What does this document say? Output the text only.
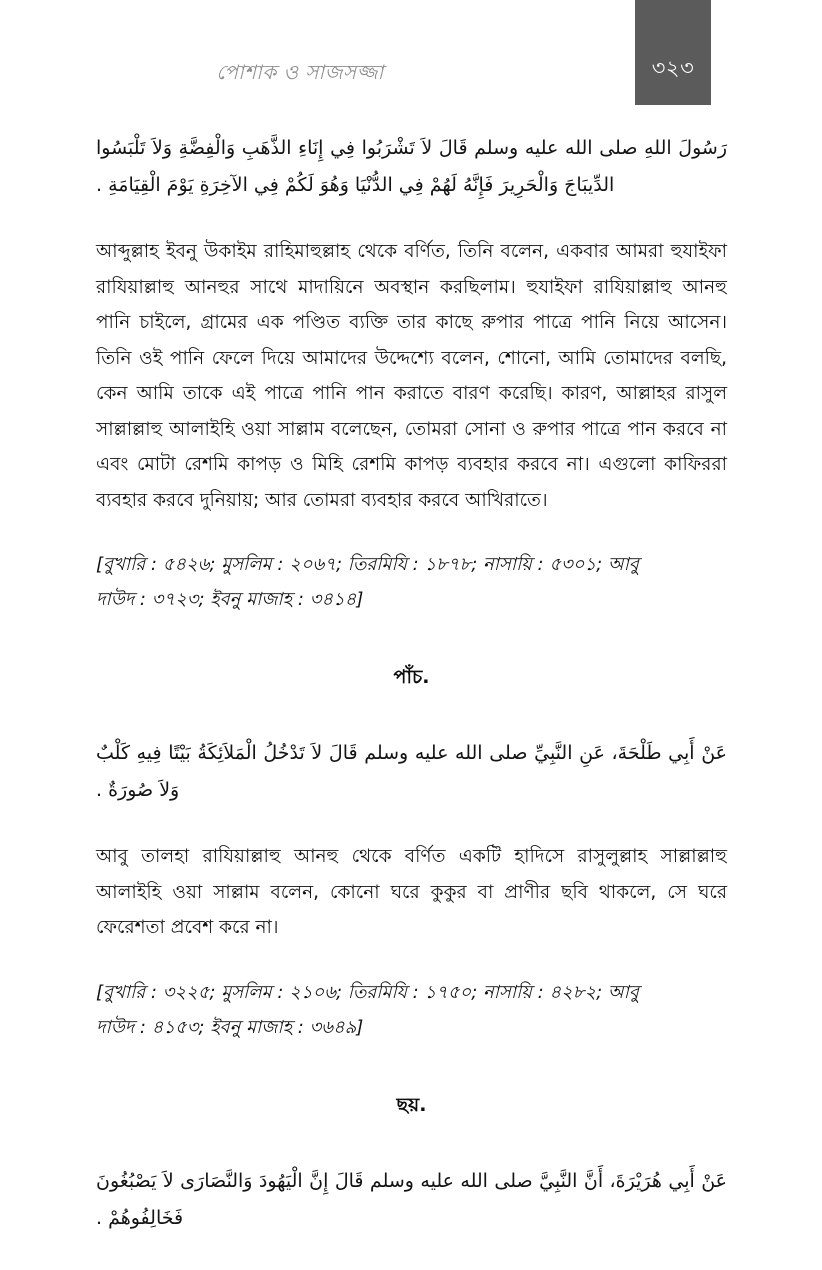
পোশাক ও সাজসজ্জা	৩২৩

رَسُولَ اللهِ صلى الله عليه وسلم قَالَ لاَ تَشْرَبُوا فِي إِنَاءِ الذَّهَبِ وَالْفِضَّةِ وَلاَ تَلْبَسُوا الدِّيبَاجَ وَالْحَرِيرَ فَإِنَّهُ لَهُمْ فِي الدُّنْيَا وَهُوَ لَكُمْ فِي الآخِرَةِ يَوْمَ الْقِيَامَةِ .

আব্দুল্লাহ ইবনু উকাইম রাহিমাহুল্লাহ থেকে বর্ণিত, তিনি বলেন, একবার আমরা হুযাইফা রাযিয়াল্লাহু আনহুর সাথে মাদায়িনে অবস্থান করছিলাম। হুযাইফা রাযিয়াল্লাহু আনহু পানি চাইলে, গ্রামের এক পণ্ডিত ব্যক্তি তার কাছে রুপার পাত্রে পানি নিয়ে আসেন। তিনি ওই পানি ফেলে দিয়ে আমাদের উদ্দেশ্যে বলেন, শোনো, আমি তোমাদের বলছি, কেন আমি তাকে এই পাত্রে পানি পান করাতে বারণ করেছি। কারণ, আল্লাহর রাসুল সাল্লাল্লাহু আলাইহি ওয়া সাল্লাম বলেছেন, তোমরা সোনা ও রুপার পাত্রে পান করবে না এবং মোটা রেশমি কাপড় ও মিহি রেশমি কাপড় ব্যবহার করবে না। এগুলো কাফিররা ব্যবহার করবে দুনিয়ায়; আর তোমরা ব্যবহার করবে আখিরাতে।

[বুখারি : ৫৪২৬; মুসলিম : ২০৬৭; তিরমিযি : ১৮৭৮; নাসায়ি : ৫৩০১; আবু

দাউদ : ৩৭২৩; ইবনু মাজাহ : ৩৪১৪]

পাঁচ.

عَنْ أَبِي طَلْحَةَ، عَنِ النَّبِيِّ صلى الله عليه وسلم قَالَ لاَ تَدْخُلُ الْمَلاَئِكَةُ بَيْتًا فِيهِ كَلْبٌ وَلاَ صُورَةٌ .

আবু তালহা রাযিয়াল্লাহু আনহু থেকে বর্ণিত একটি হাদিসে রাসুলুল্লাহ সাল্লাল্লাহু আলাইহি ওয়া সাল্লাম বলেন, কোনো ঘরে কুকুর বা প্রাণীর ছবি থাকলে, সে ঘরে ফেরেশতা প্রবেশ করে না।

[বুখারি : ৩২২৫; মুসলিম : ২১০৬; তিরমিযি : ১৭৫০; নাসায়ি : ৪২৮২; আবু

দাউদ : ৪১৫৩; ইবনু মাজাহ : ৩৬৪৯]

ছয়.

عَنْ أَبِي هُرَيْرَةَ، أَنَّ النَّبِيَّ صلى الله عليه وسلم قَالَ إِنَّ الْيَهُودَ وَالنَّصَارَى لاَ يَصْبُغُونَ فَخَالِفُوهُمْ .
